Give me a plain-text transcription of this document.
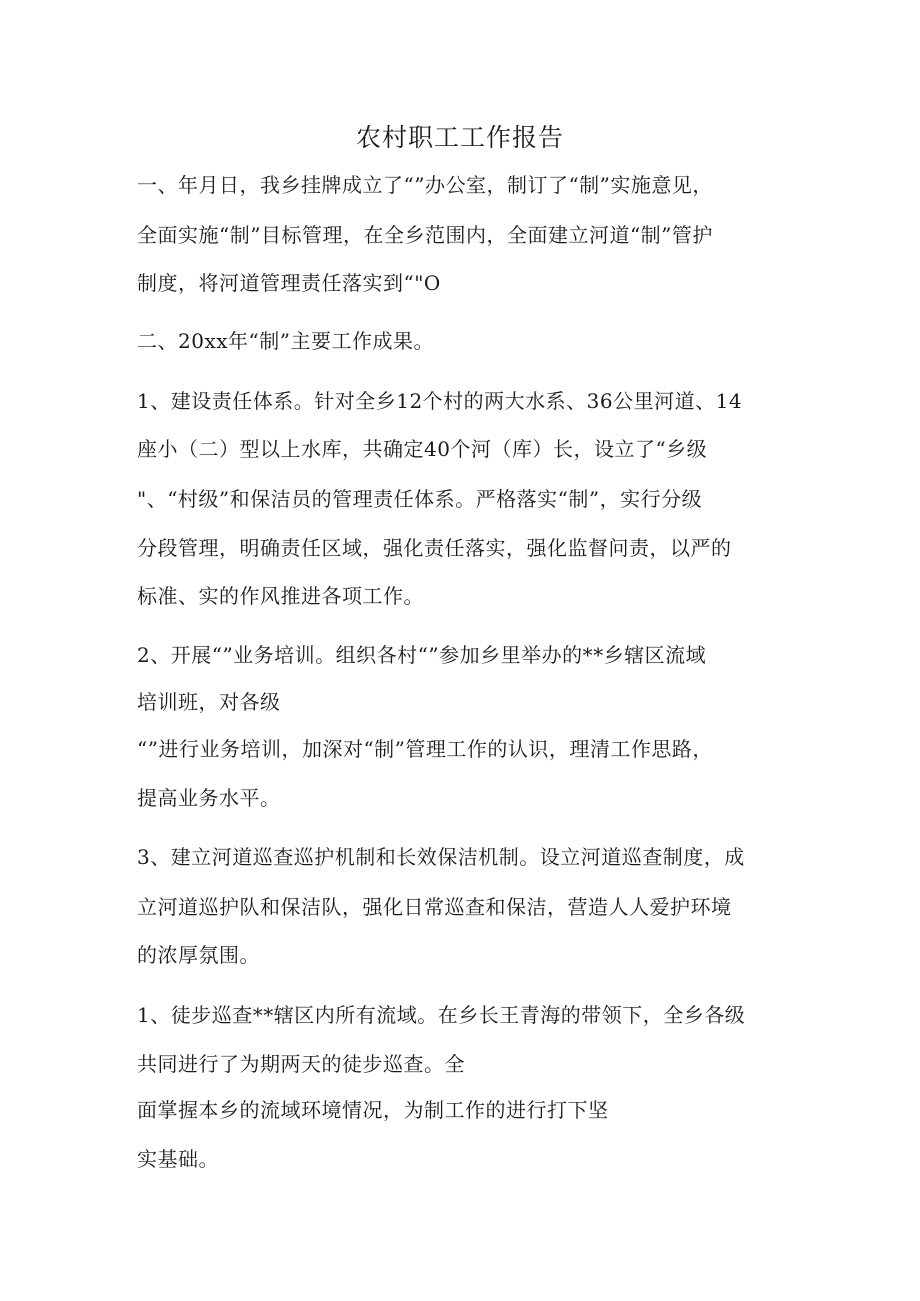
农村职工工作报告

一、年月日，我乡挂牌成立了“”办公室，制订了“制”实施意见，

全面实施“制”目标管理，在全乡范围内，全面建立河道“制”管护

制度，将河道管理责任落实到“"O

二、20xx年“制”主要工作成果。

1、建设责任体系。针对全乡12个村的两大水系、36公里河道、14

座小（二）型以上水库，共确定40个河（库）长，设立了“乡级

"、“村级”和保洁员的管理责任体系。严格落实“制”，实行分级

分段管理，明确责任区域，强化责任落实，强化监督问责，以严的

标准、实的作风推进各项工作。

2、开展“”业务培训。组织各村“”参加乡里举办的**乡辖区流域

培训班，对各级

“”进行业务培训，加深对“制”管理工作的认识，理清工作思路，

提高业务水平。

3、建立河道巡查巡护机制和长效保洁机制。设立河道巡查制度，成

立河道巡护队和保洁队，强化日常巡查和保洁，营造人人爱护环境

的浓厚氛围。

1、徒步巡查**辖区内所有流域。在乡长王青海的带领下，全乡各级

共同进行了为期两天的徒步巡查。全

面掌握本乡的流域环境情况，为制工作的进行打下坚

实基础。
